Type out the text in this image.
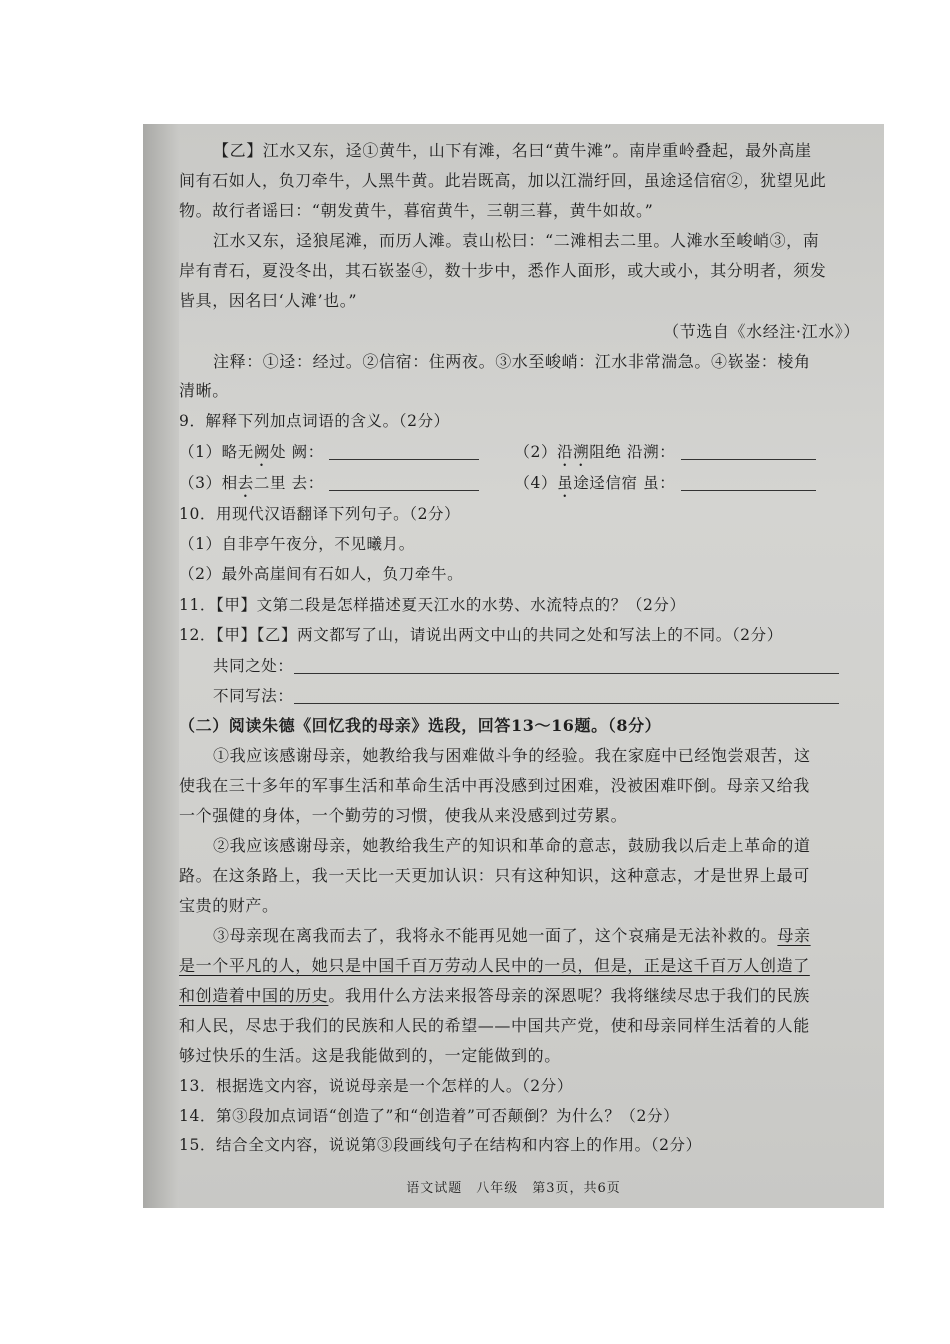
【乙】江水又东，迳①黄牛，山下有滩，名曰“黄牛滩”。南岸重岭叠起，最外高崖
间有石如人，负刀牵牛，人黑牛黄。此岩既高，加以江湍纡回，虽途迳信宿②，犹望见此
物。故行者谣曰：“朝发黄牛，暮宿黄牛，三朝三暮，黄牛如故。”
江水又东，迳狼尾滩，而历人滩。袁山松曰：“二滩相去二里。人滩水至峻峭③，南
岸有青石，夏没冬出，其石嵚崟④，数十步中，悉作人面形，或大或小，其分明者，须发
皆具，因名曰‘人滩’也。”
（节选自《水经注·江水》）
注释：①迳：经过。②信宿：住两夜。③水至峻峭：江水非常湍急。④嵚崟：棱角
清晰。
9．解释下列加点词语的含义。（2分）
（1）略无阙处 阙：	（2）沿溯阻绝 沿溯：
（3）相去二里 去：	（4）虽途迳信宿 虽：
10．用现代汉语翻译下列句子。（2分）
（1）自非亭午夜分，不见曦月。
（2）最外高崖间有石如人，负刀牵牛。
11．【甲】文第二段是怎样描述夏天江水的水势、水流特点的？（2分）
12．【甲】【乙】两文都写了山，请说出两文中山的共同之处和写法上的不同。（2分）
共同之处：
不同写法：
（二）阅读朱德《回忆我的母亲》选段，回答13～16题。（8分）
①我应该感谢母亲，她教给我与困难做斗争的经验。我在家庭中已经饱尝艰苦，这
使我在三十多年的军事生活和革命生活中再没感到过困难，没被困难吓倒。母亲又给我
一个强健的身体，一个勤劳的习惯，使我从来没感到过劳累。
②我应该感谢母亲，她教给我生产的知识和革命的意志，鼓励我以后走上革命的道
路。在这条路上，我一天比一天更加认识：只有这种知识，这种意志，才是世界上最可
宝贵的财产。
③母亲现在离我而去了，我将永不能再见她一面了，这个哀痛是无法补救的。母亲
是一个平凡的人，她只是中国千百万劳动人民中的一员，但是，正是这千百万人创造了
和创造着中国的历史。我用什么方法来报答母亲的深恩呢？我将继续尽忠于我们的民族
和人民，尽忠于我们的民族和人民的希望——中国共产党，使和母亲同样生活着的人能
够过快乐的生活。这是我能做到的，一定能做到的。
13．根据选文内容，说说母亲是一个怎样的人。（2分）
14．第③段加点词语“创造了”和“创造着”可否颠倒？为什么？（2分）
15．结合全文内容，说说第③段画线句子在结构和内容上的作用。（2分）
语文试题　八年级　第3页，共6页
